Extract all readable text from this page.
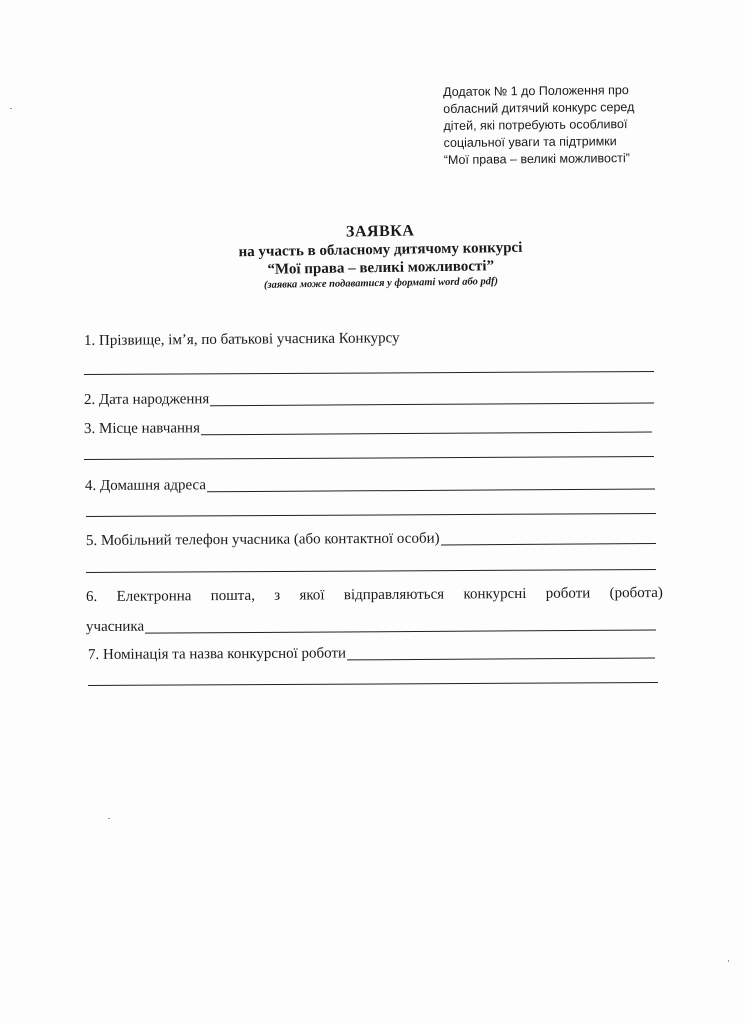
Додаток № 1 до Положення про
обласний дитячий конкурс серед
дітей, які потребують особливої
соціальної уваги та підтримки
“Мої права – великі можливості”
ЗАЯВКА
на участь в обласному дитячому конкурсі
“Мої права – великі можливості”
(заявка може подаватися у форматі word або pdf)
1. Прізвище, ім’я, по батькові учасника Конкурсу
2. Дата народження
3. Місце навчання
4. Домашня адреса
5. Мобільний телефон учасника (або контактної особи)
6. Електронна пошта, з якої відправляються конкурсні роботи (робота)
учасника
7. Номінація та назва конкурсної роботи
